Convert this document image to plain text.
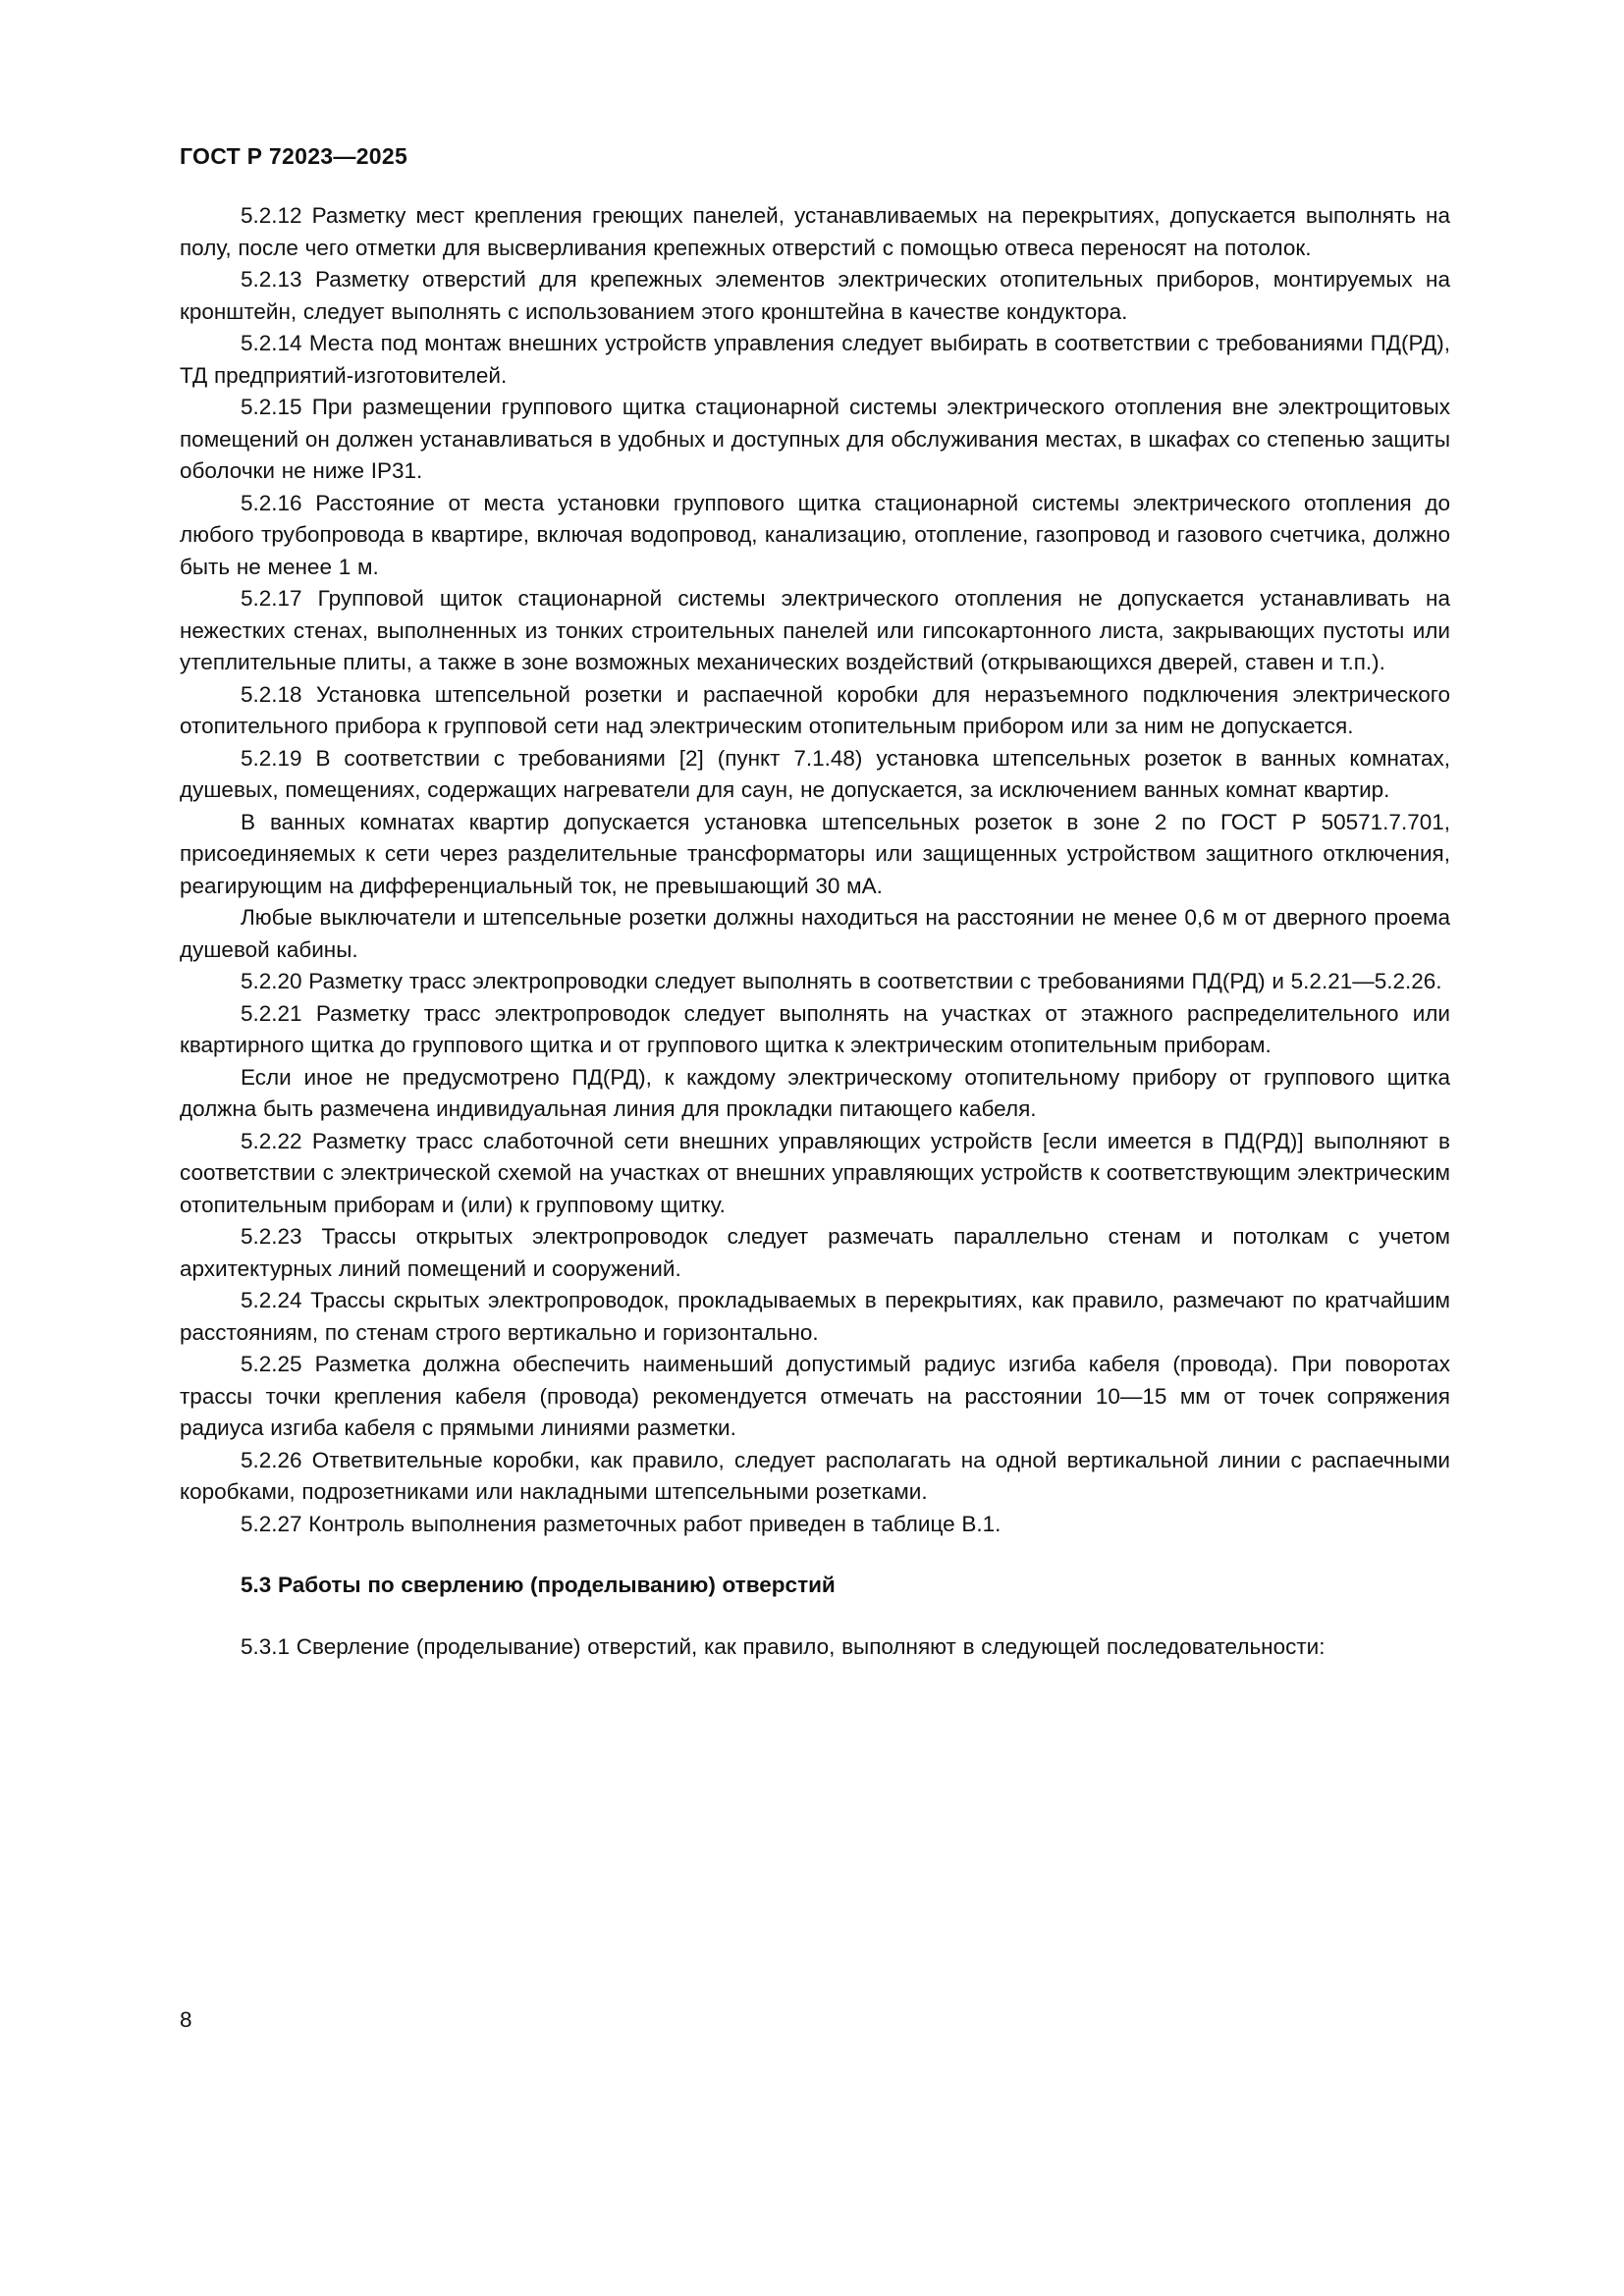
ГОСТ Р 72023—2025

5.2.12 Разметку мест крепления греющих панелей, устанавливаемых на перекрытиях, допускается выполнять на полу, после чего отметки для высверливания крепежных отверстий с помощью отвеса переносят на потолок.

5.2.13 Разметку отверстий для крепежных элементов электрических отопительных приборов, монтируемых на кронштейн, следует выполнять с использованием этого кронштейна в качестве кондуктора.

5.2.14 Места под монтаж внешних устройств управления следует выбирать в соответствии с требованиями ПД(РД), ТД предприятий-изготовителей.

5.2.15 При размещении группового щитка стационарной системы электрического отопления вне электрощитовых помещений он должен устанавливаться в удобных и доступных для обслуживания местах, в шкафах со степенью защиты оболочки не ниже IP31.

5.2.16 Расстояние от места установки группового щитка стационарной системы электрического отопления до любого трубопровода в квартире, включая водопровод, канализацию, отопление, газопровод и газового счетчика, должно быть не менее 1 м.

5.2.17 Групповой щиток стационарной системы электрического отопления не допускается устанавливать на нежестких стенах, выполненных из тонких строительных панелей или гипсокартонного листа, закрывающих пустоты или утеплительные плиты, а также в зоне возможных механических воздействий (открывающихся дверей, ставен и т.п.).

5.2.18 Установка штепсельной розетки и распаечной коробки для неразъемного подключения электрического отопительного прибора к групповой сети над электрическим отопительным прибором или за ним не допускается.

5.2.19 В соответствии с требованиями [2] (пункт 7.1.48) установка штепсельных розеток в ванных комнатах, душевых, помещениях, содержащих нагреватели для саун, не допускается, за исключением ванных комнат квартир.

В ванных комнатах квартир допускается установка штепсельных розеток в зоне 2 по ГОСТ Р 50571.7.701, присоединяемых к сети через разделительные трансформаторы или защищенных устройством защитного отключения, реагирующим на дифференциальный ток, не превышающий 30 мА.

Любые выключатели и штепсельные розетки должны находиться на расстоянии не менее 0,6 м от дверного проема душевой кабины.

5.2.20 Разметку трасс электропроводки следует выполнять в соответствии с требованиями ПД(РД) и 5.2.21—5.2.26.

5.2.21 Разметку трасс электропроводок следует выполнять на участках от этажного распределительного или квартирного щитка до группового щитка и от группового щитка к электрическим отопительным приборам.

Если иное не предусмотрено ПД(РД), к каждому электрическому отопительному прибору от группового щитка должна быть размечена индивидуальная линия для прокладки питающего кабеля.

5.2.22 Разметку трасс слаботочной сети внешних управляющих устройств [если имеется в ПД(РД)] выполняют в соответствии с электрической схемой на участках от внешних управляющих устройств к соответствующим электрическим отопительным приборам и (или) к групповому щитку.

5.2.23 Трассы открытых электропроводок следует размечать параллельно стенам и потолкам с учетом архитектурных линий помещений и сооружений.

5.2.24 Трассы скрытых электропроводок, прокладываемых в перекрытиях, как правило, размечают по кратчайшим расстояниям, по стенам строго вертикально и горизонтально.

5.2.25 Разметка должна обеспечить наименьший допустимый радиус изгиба кабеля (провода). При поворотах трассы точки крепления кабеля (провода) рекомендуется отмечать на расстоянии 10—15 мм от точек сопряжения радиуса изгиба кабеля с прямыми линиями разметки.

5.2.26 Ответвительные коробки, как правило, следует располагать на одной вертикальной линии с распаечными коробками, подрозетниками или накладными штепсельными розетками.

5.2.27 Контроль выполнения разметочных работ приведен в таблице В.1.

5.3 Работы по сверлению (проделыванию) отверстий

5.3.1 Сверление (проделывание) отверстий, как правило, выполняют в следующей последовательности:

8
